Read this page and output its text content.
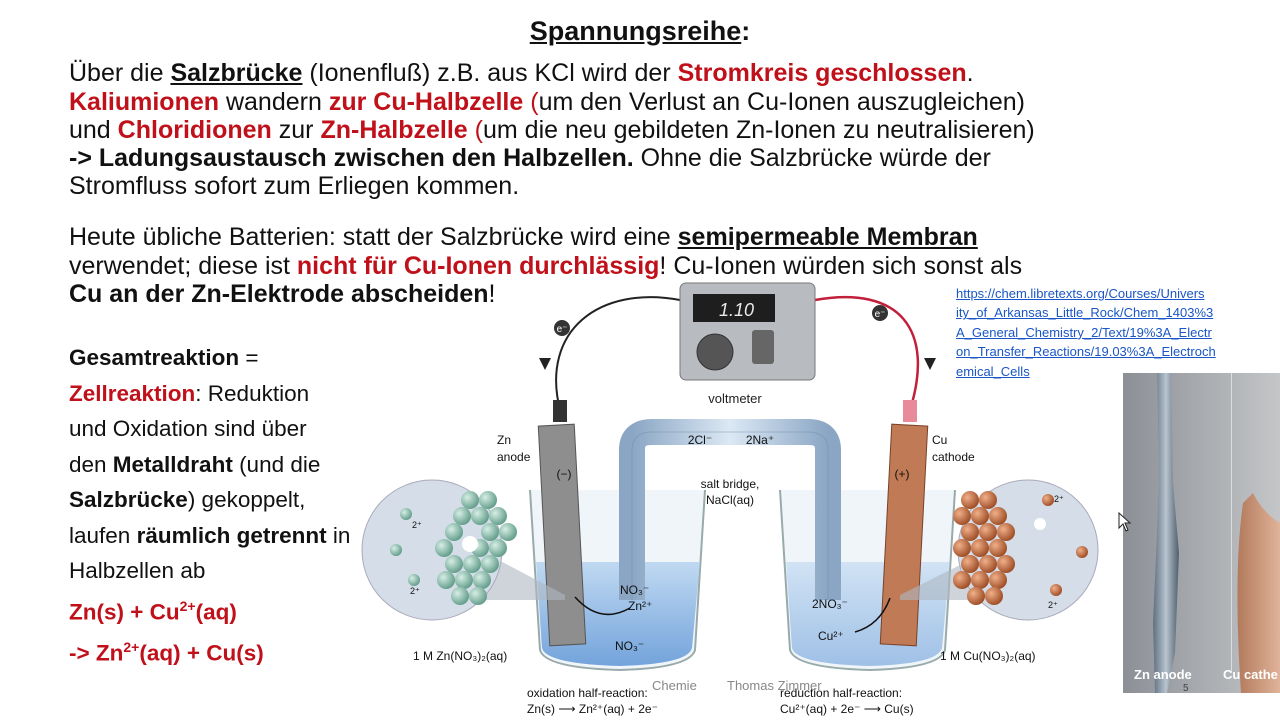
Spannungsreihe:
Über die Salzbrücke (Ionenfluß) z.B. aus KCl wird der Stromkreis geschlossen.
Kaliumionen wandern zur Cu-Halbzelle (um den Verlust an Cu-Ionen auszugleichen)
und Chloridionen zur Zn-Halbzelle (um die neu gebildeten Zn-Ionen zu neutralisieren)
-> Ladungsaustausch zwischen den Halbzellen. Ohne die Salzbrücke würde der
Stromfluss sofort zum Erliegen kommen.
Heute übliche Batterien: statt der Salzbrücke wird eine semipermeable Membran
verwendet; diese ist nicht für Cu-Ionen durchlässig! Cu-Ionen würden sich sonst als
Cu an der Zn-Elektrode abscheiden!
Gesamtreaktion =
Zellreaktion: Reduktion
und Oxidation sind über
den Metalldraht (und die
Salzbrücke) gekoppelt,
laufen räumlich getrennt in
Halbzellen ab
$Zn(s) + Cu^{2+}(aq)$
-> $Zn^{2+}(aq) + Cu(s)$
https://chem.libretexts.org/Courses/Univers
ity_of_Arkansas_Little_Rock/Chem_1403%3
A_General_Chemistry_2/Text/19%3A_Electr
on_Transfer_Reactions/19.03%3A_Electroch
emical_Cells
e⁻
e⁻
1.10
voltmeter
2Cl⁻	2Na⁺
salt bridge,
NaCl(aq)
(−)	(+)
Zn
anode
Cu
cathode
NO₃⁻
Zn²⁺
NO₃⁻
2NO₃⁻
Cu²⁺
2⁺
2⁺
2⁺
2⁺
1 M Zn(NO₃)₂(aq)	1 M Cu(NO₃)₂(aq)
oxidation half-reaction:
Zn(s) ⟶ Zn²⁺(aq) + 2e⁻
reduction half-reaction:
Cu²⁺(aq) + 2e⁻ ⟶ Cu(s)
Zn anode Cu cathe
5
Chemie Thomas Zimmer
